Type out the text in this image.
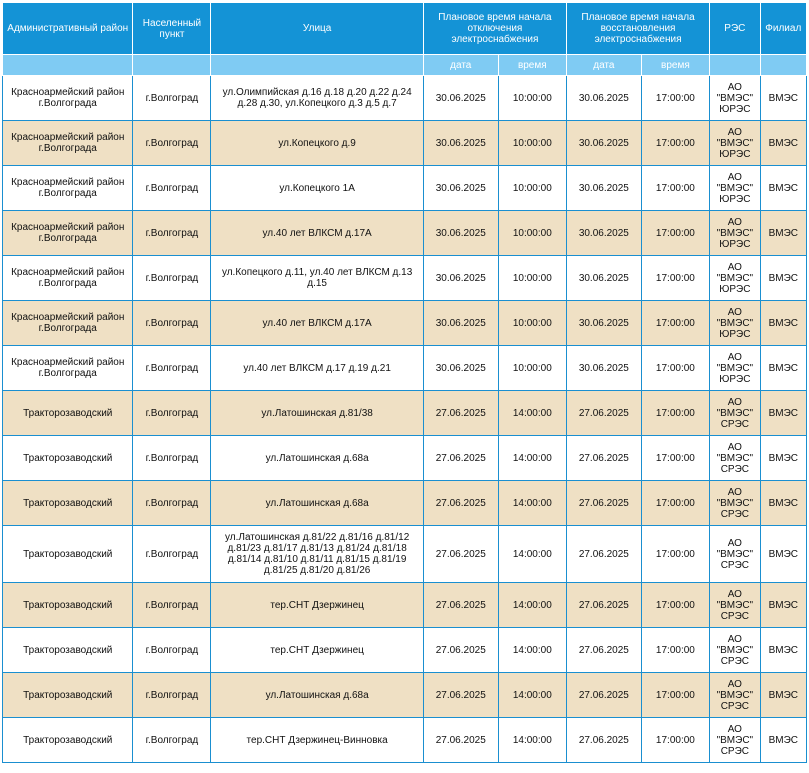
Административный район	Населенный пункт	Улица	Плановое время начала отключения электроснабжения		Плановое время начала восстановления электроснабжения		РЭС	Филиал
			дата	время	дата	время		
Красноармейский район г.Волгограда	г.Волгоград	ул.Олимпийская д.16 д.18 д.20 д.22 д.24 д.28 д.30, ул.Копецкого д.3 д.5 д.7	30.06.2025	10:00:00	30.06.2025	17:00:00	АО "ВМЭС" ЮРЭС	ВМЭС
Красноармейский район г.Волгограда	г.Волгоград	ул.Копецкого д.9	30.06.2025	10:00:00	30.06.2025	17:00:00	АО "ВМЭС" ЮРЭС	ВМЭС
Красноармейский район г.Волгограда	г.Волгоград	ул.Копецкого 1А	30.06.2025	10:00:00	30.06.2025	17:00:00	АО "ВМЭС" ЮРЭС	ВМЭС
Красноармейский район г.Волгограда	г.Волгоград	ул.40 лет ВЛКСМ д.17А	30.06.2025	10:00:00	30.06.2025	17:00:00	АО "ВМЭС" ЮРЭС	ВМЭС
Красноармейский район г.Волгограда	г.Волгоград	ул.Копецкого д.11, ул.40 лет ВЛКСМ д.13 д.15	30.06.2025	10:00:00	30.06.2025	17:00:00	АО "ВМЭС" ЮРЭС	ВМЭС
Красноармейский район г.Волгограда	г.Волгоград	ул.40 лет ВЛКСМ д.17А	30.06.2025	10:00:00	30.06.2025	17:00:00	АО "ВМЭС" ЮРЭС	ВМЭС
Красноармейский район г.Волгограда	г.Волгоград	ул.40 лет ВЛКСМ д.17 д.19 д.21	30.06.2025	10:00:00	30.06.2025	17:00:00	АО "ВМЭС" ЮРЭС	ВМЭС
Тракторозаводский	г.Волгоград	ул.Латошинская д.81/38	27.06.2025	14:00:00	27.06.2025	17:00:00	АО "ВМЭС" СРЭС	ВМЭС
Тракторозаводский	г.Волгоград	ул.Латошинская д.68а	27.06.2025	14:00:00	27.06.2025	17:00:00	АО "ВМЭС" СРЭС	ВМЭС
Тракторозаводский	г.Волгоград	ул.Латошинская д.68а	27.06.2025	14:00:00	27.06.2025	17:00:00	АО "ВМЭС" СРЭС	ВМЭС
Тракторозаводский	г.Волгоград	ул.Латошинская д.81/22 д.81/16 д.81/12 д.81/23 д.81/17 д.81/13 д.81/24 д.81/18 д.81/14 д.81/10 д.81/11 д.81/15 д.81/19 д.81/25 д.81/20 д.81/26	27.06.2025	14:00:00	27.06.2025	17:00:00	АО "ВМЭС" СРЭС	ВМЭС
Тракторозаводский	г.Волгоград	тер.СНТ Дзержинец	27.06.2025	14:00:00	27.06.2025	17:00:00	АО "ВМЭС" СРЭС	ВМЭС
Тракторозаводский	г.Волгоград	тер.СНТ Дзержинец	27.06.2025	14:00:00	27.06.2025	17:00:00	АО "ВМЭС" СРЭС	ВМЭС
Тракторозаводский	г.Волгоград	ул.Латошинская д.68а	27.06.2025	14:00:00	27.06.2025	17:00:00	АО "ВМЭС" СРЭС	ВМЭС
Тракторозаводский	г.Волгоград	тер.СНТ Дзержинец-Винновка	27.06.2025	14:00:00	27.06.2025	17:00:00	АО "ВМЭС" СРЭС	ВМЭС
